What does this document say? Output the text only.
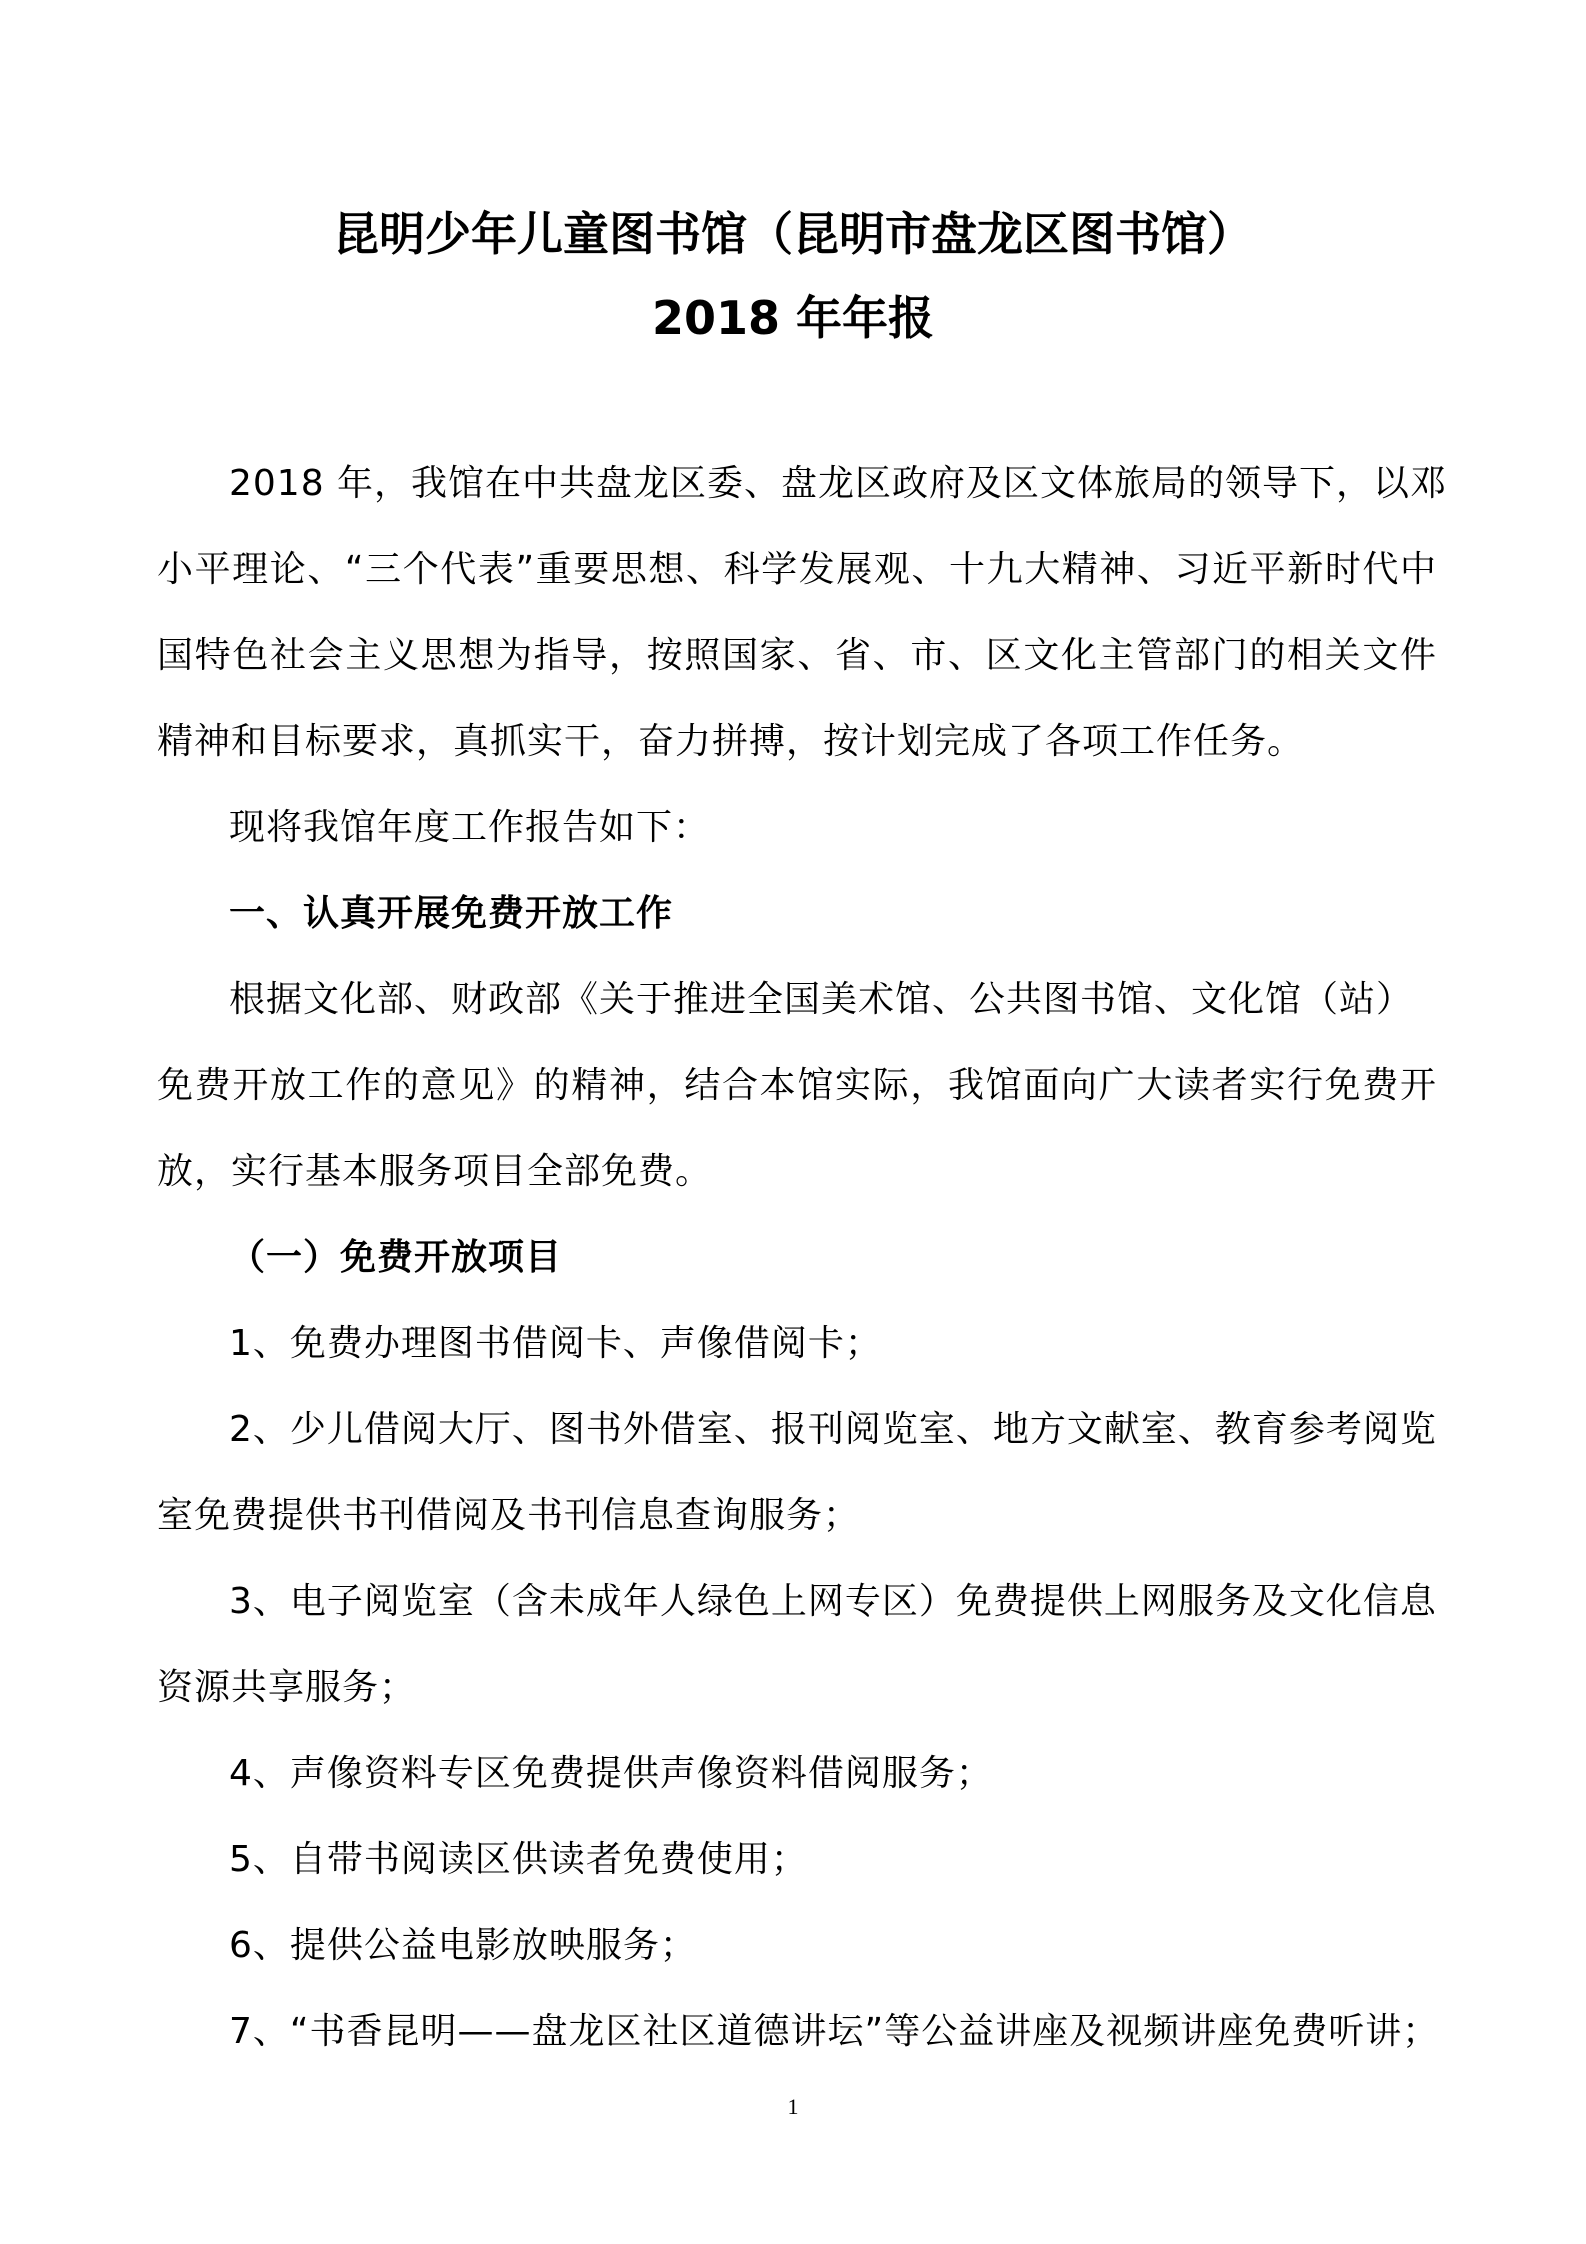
昆明少年儿童图书馆（昆明市盘龙区图书馆）
2018 年年报
2018 年，我馆在中共盘龙区委、盘龙区政府及区文体旅局的领导下，以邓
小平理论、“三个代表”重要思想、科学发展观、十九大精神、习近平新时代中
国特色社会主义思想为指导，按照国家、省、市、区文化主管部门的相关文件
精神和目标要求，真抓实干，奋力拼搏，按计划完成了各项工作任务。
现将我馆年度工作报告如下：
一、认真开展免费开放工作
根据文化部、财政部《关于推进全国美术馆、公共图书馆、文化馆（站）
免费开放工作的意见》的精神，结合本馆实际，我馆面向广大读者实行免费开
放，实行基本服务项目全部免费。
（一）免费开放项目
1、免费办理图书借阅卡、声像借阅卡；
2、少儿借阅大厅、图书外借室、报刊阅览室、地方文献室、教育参考阅览
室免费提供书刊借阅及书刊信息查询服务；
3、电子阅览室（含未成年人绿色上网专区）免费提供上网服务及文化信息
资源共享服务；
4、声像资料专区免费提供声像资料借阅服务；
5、自带书阅读区供读者免费使用；
6、提供公益电影放映服务；
7、“书香昆明——盘龙区社区道德讲坛”等公益讲座及视频讲座免费听讲；
1
